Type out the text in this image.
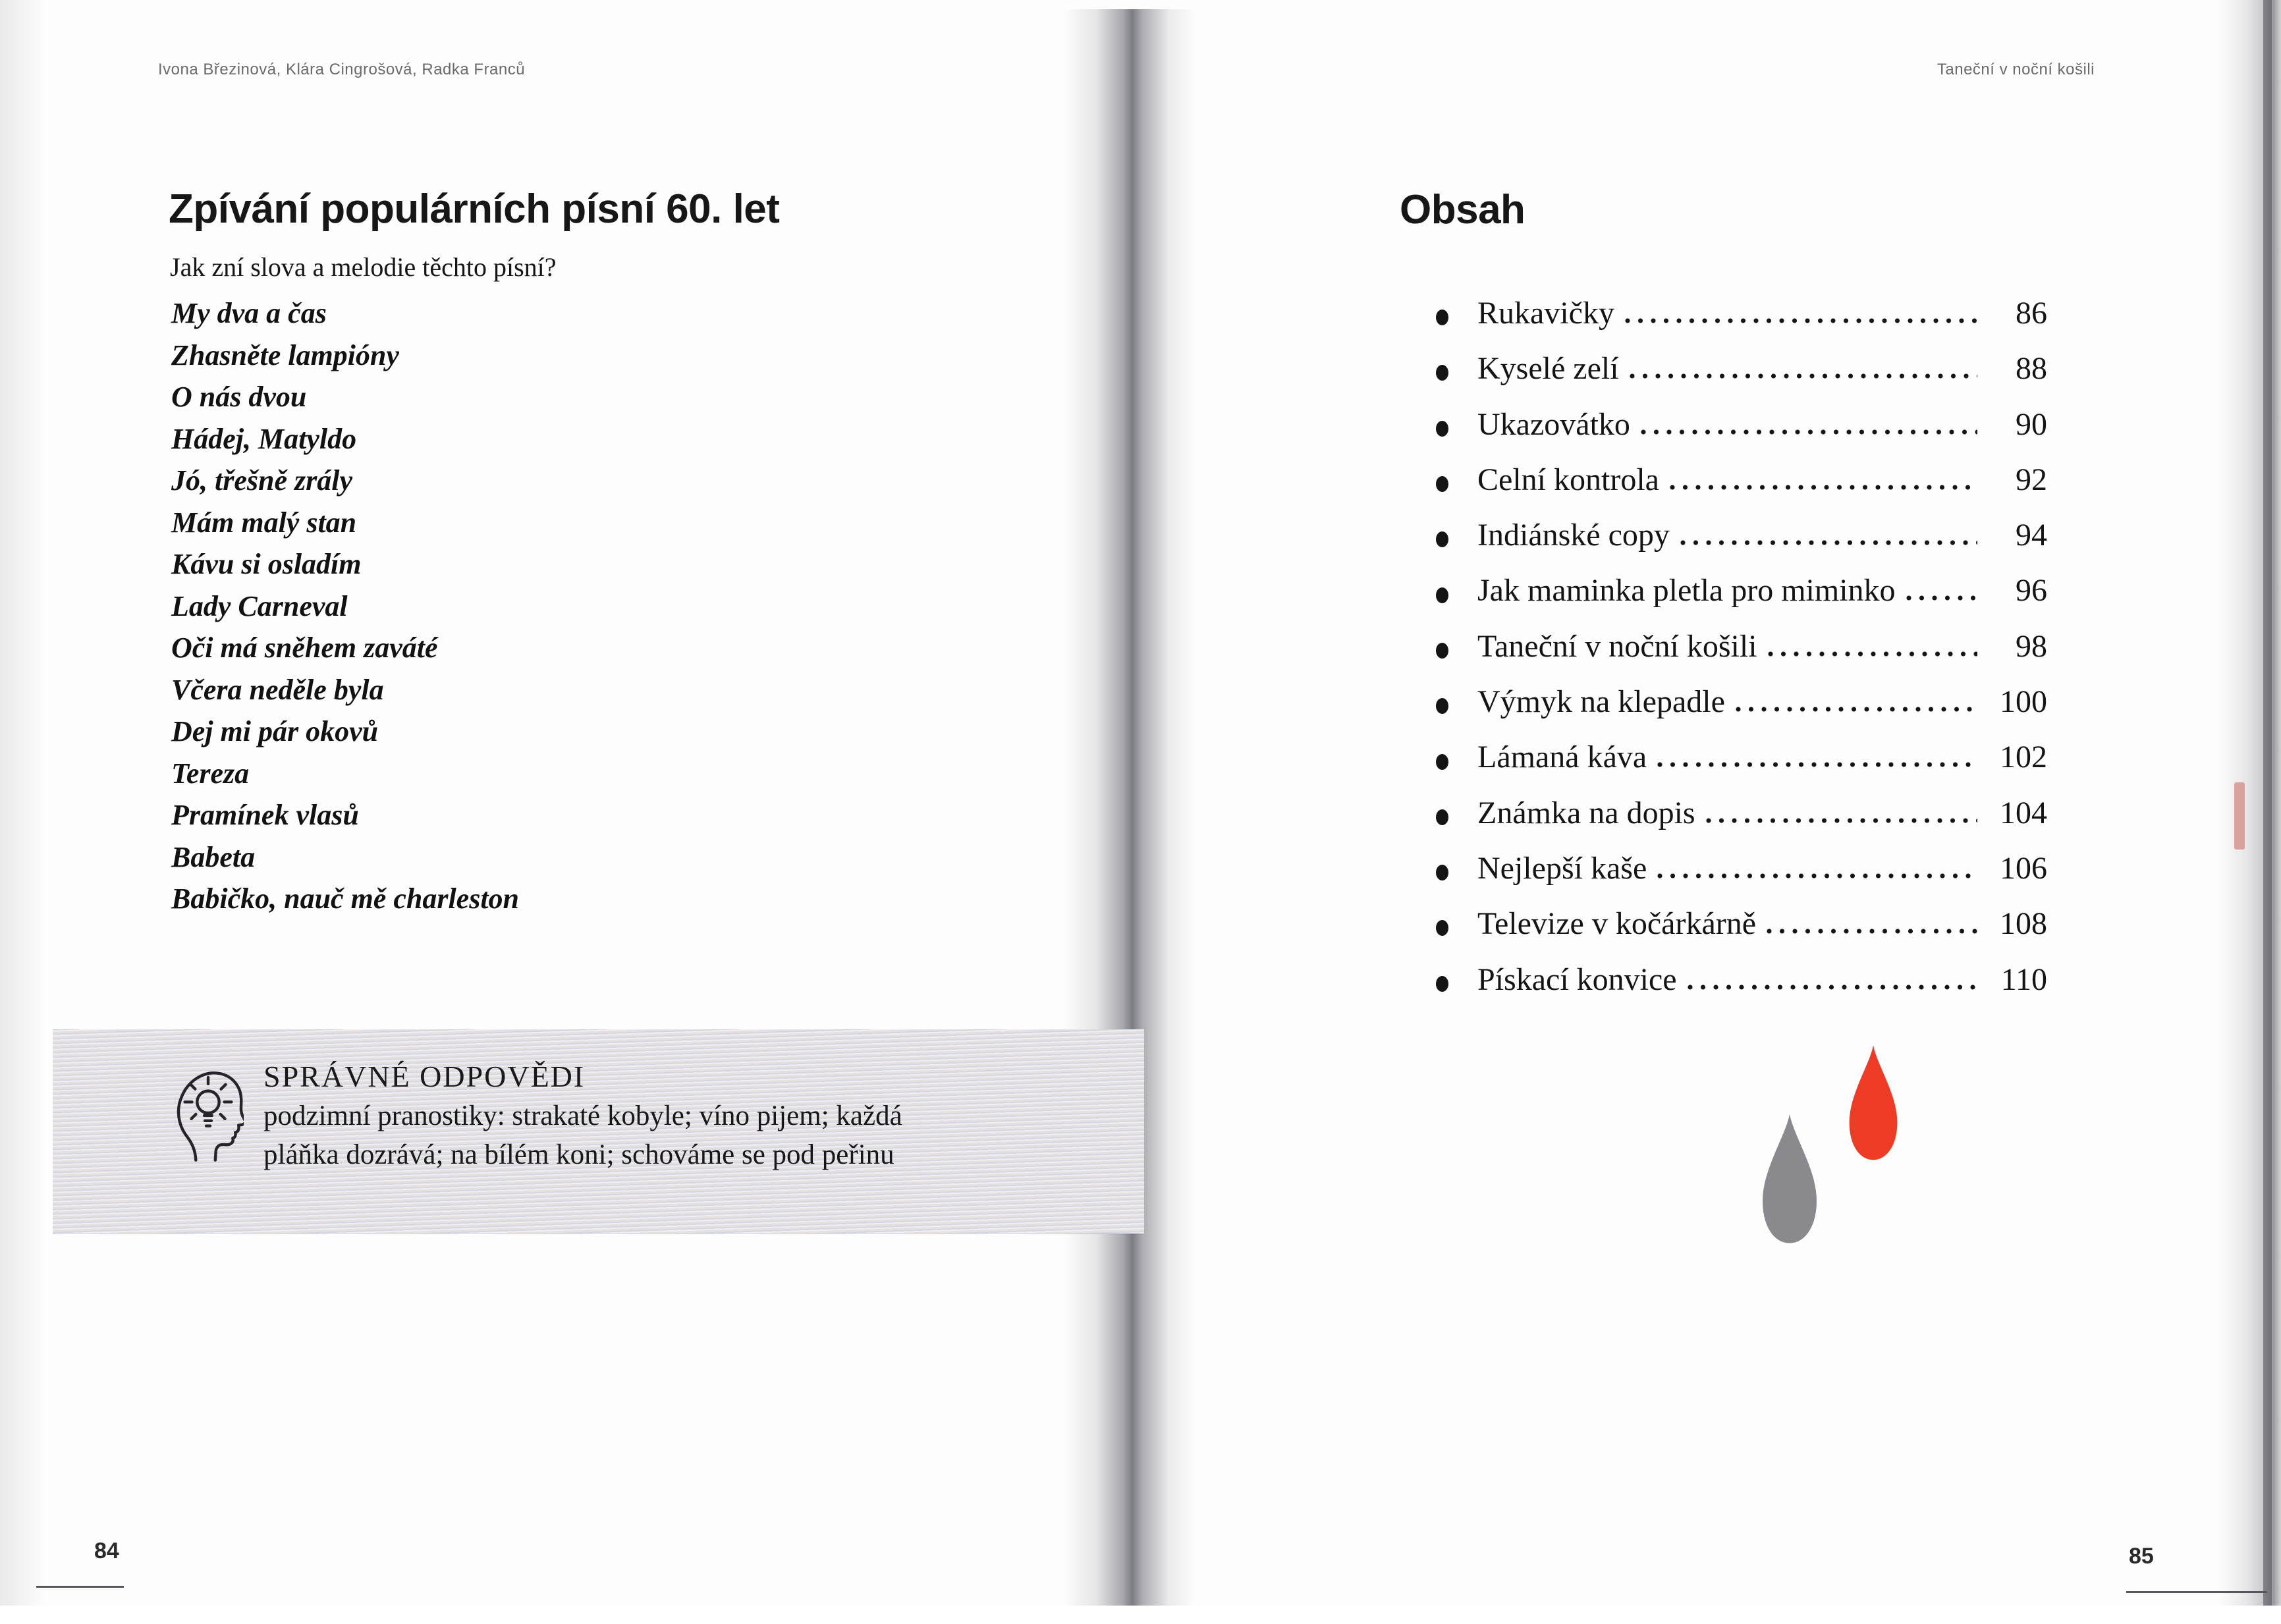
Ivona Březinová, Klára Cingrošová, Radka Franců
Zpívání populárních písní 60. let
Jak zní slova a melodie těchto písní?
My dva a čas
Zhasněte lampióny
O nás dvou
Hádej, Matyldo
Jó, třešně zrály
Mám malý stan
Kávu si osladím
Lady Carneval
Oči má sněhem zaváté
Včera neděle byla
Dej mi pár okovů
Tereza
Pramínek vlasů
Babeta
Babičko, nauč mě charleston
SPRÁVNÉ ODPOVĚDI
podzimní pranostiky: strakaté kobyle; víno pijem; každá
pláňka dozrává; na bílém koni; schováme se pod peřinu
84
Taneční v noční košili
Obsah
Rukavičky	86
Kyselé zelí	88
Ukazovátko	90
Celní kontrola	92
Indiánské copy	94
Jak maminka pletla pro miminko	96
Taneční v noční košili	98
Výmyk na klepadle	100
Lámaná káva	102
Známka na dopis	104
Nejlepší kaše	106
Televize v kočárkárně	108
Pískací konvice	110
85
